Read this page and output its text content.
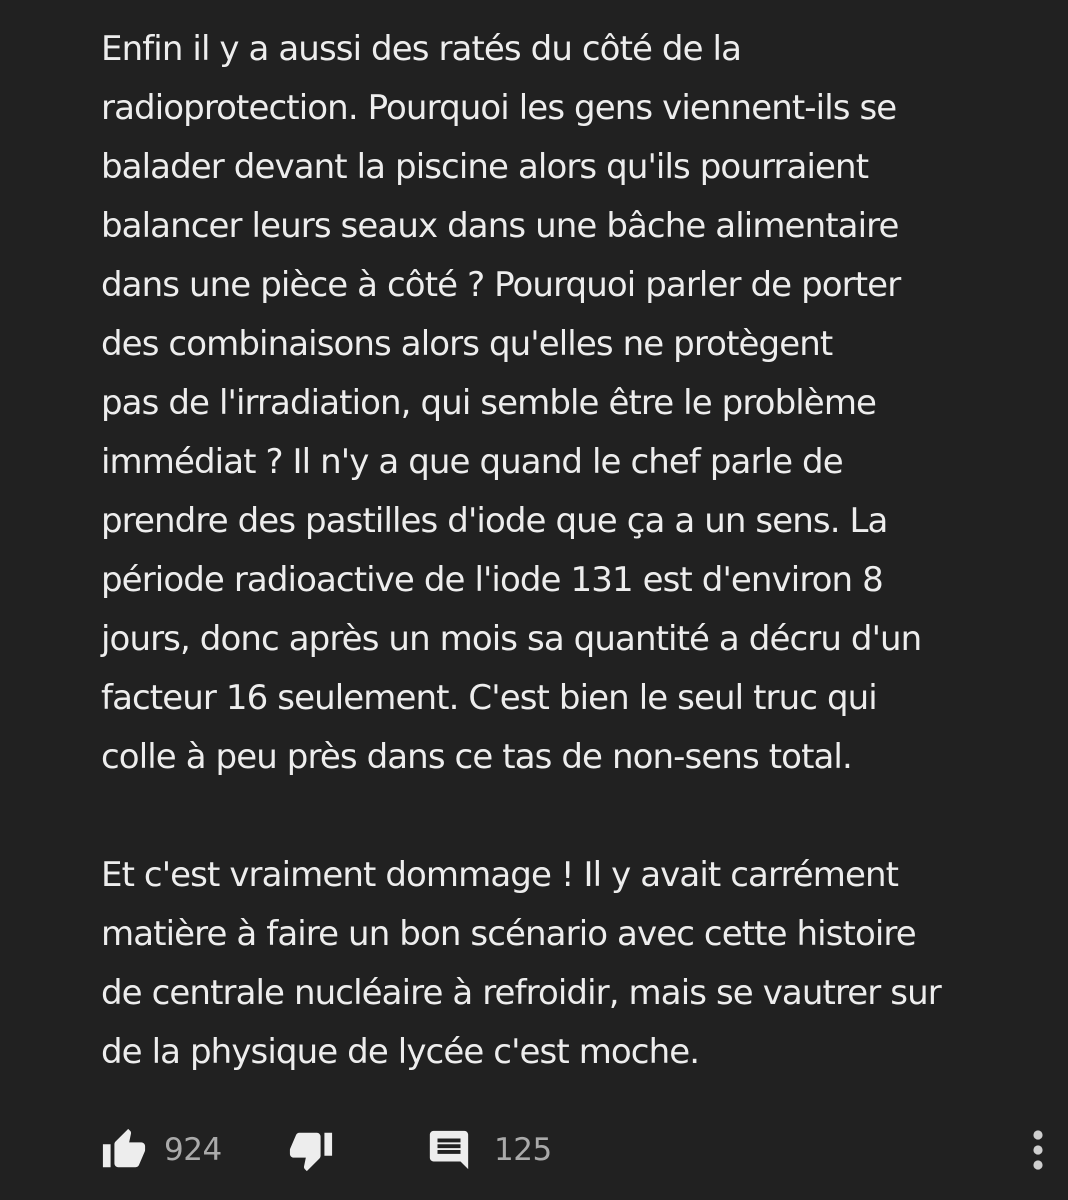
Enfin il y a aussi des ratés du côté de la
radioprotection. Pourquoi les gens viennent-ils se
balader devant la piscine alors qu'ils pourraient
balancer leurs seaux dans une bâche alimentaire
dans une pièce à côté ? Pourquoi parler de porter
des combinaisons alors qu'elles ne protègent
pas de l'irradiation, qui semble être le problème
immédiat ? Il n'y a que quand le chef parle de
prendre des pastilles d'iode que ça a un sens. La
période radioactive de l'iode 131 est d'environ 8
jours, donc après un mois sa quantité a décru d'un
facteur 16 seulement. C'est bien le seul truc qui
colle à peu près dans ce tas de non-sens total.

Et c'est vraiment dommage ! Il y avait carrément
matière à faire un bon scénario avec cette histoire
de centrale nucléaire à refroidir, mais se vautrer sur
de la physique de lycée c'est moche.

924	125
